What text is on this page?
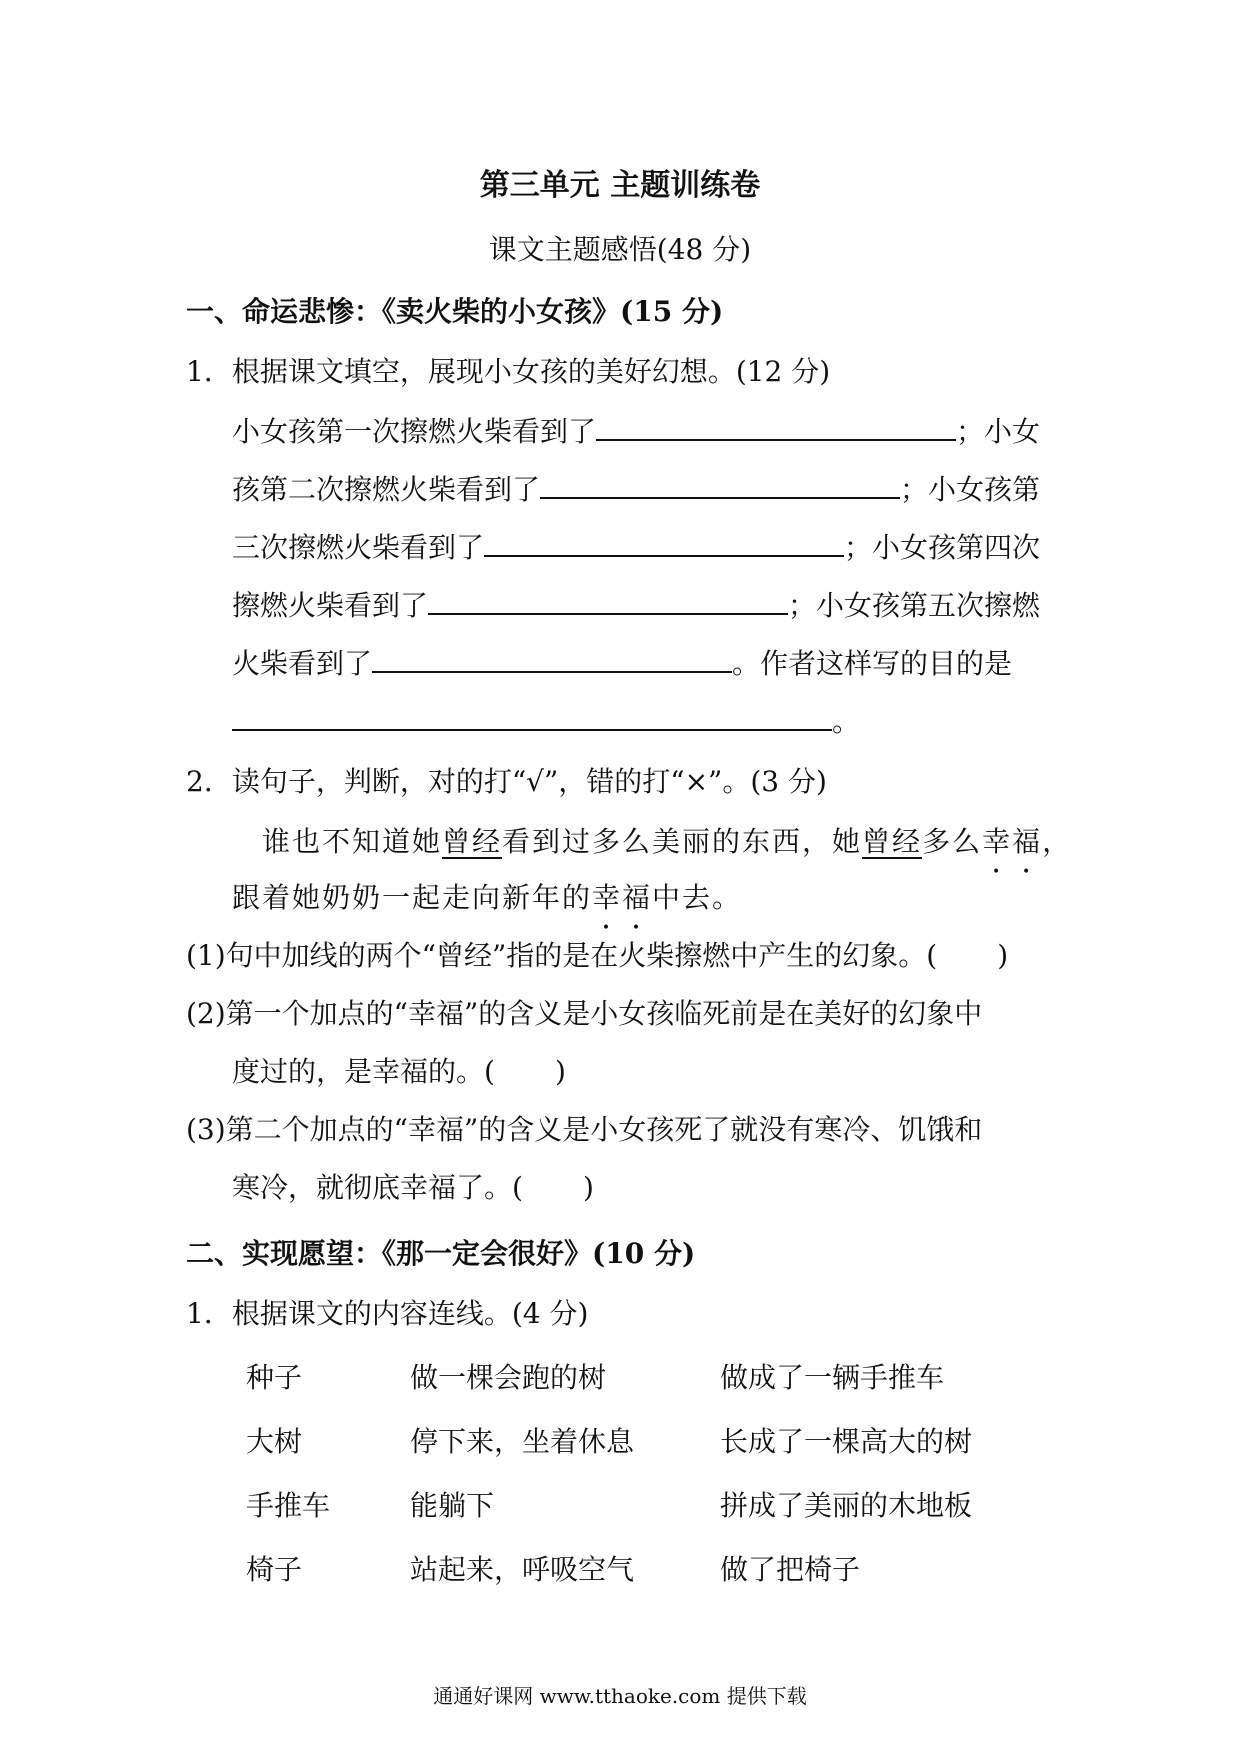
第三单元 主题训练卷
课文主题感悟(48 分)
一、命运悲惨：《卖火柴的小女孩》(15 分)
1．根据课文填空，展现小女孩的美好幻想。(12 分)
小女孩第一次擦燃火柴看到了	；小女
孩第二次擦燃火柴看到了	；小女孩第
三次擦燃火柴看到了	；小女孩第四次
擦燃火柴看到了	；小女孩第五次擦燃
火柴看到了	。作者这样写的目的是
。
2．读句子，判断，对的打“√”，错的打“×”。(3 分)
谁也不知道她曾经看到过多么美丽的东西，她曾经多么幸福，
跟着她奶奶一起走向新年的幸福中去。
(1)句中加线的两个“曾经”指的是在火柴擦燃中产生的幻象。( )
(2)第一个加点的“幸福”的含义是小女孩临死前是在美好的幻象中
度过的，是幸福的。( )
(3)第二个加点的“幸福”的含义是小女孩死了就没有寒冷、饥饿和
寒冷，就彻底幸福了。( )
二、实现愿望：《那一定会很好》(10 分)
1．根据课文的内容连线。(4 分)
种子	做一棵会跑的树	做成了一辆手推车
大树	停下来，坐着休息	长成了一棵高大的树
手推车	能躺下	拼成了美丽的木地板
椅子	站起来，呼吸空气	做了把椅子
通通好课网 www.tthaoke.com 提供下载
